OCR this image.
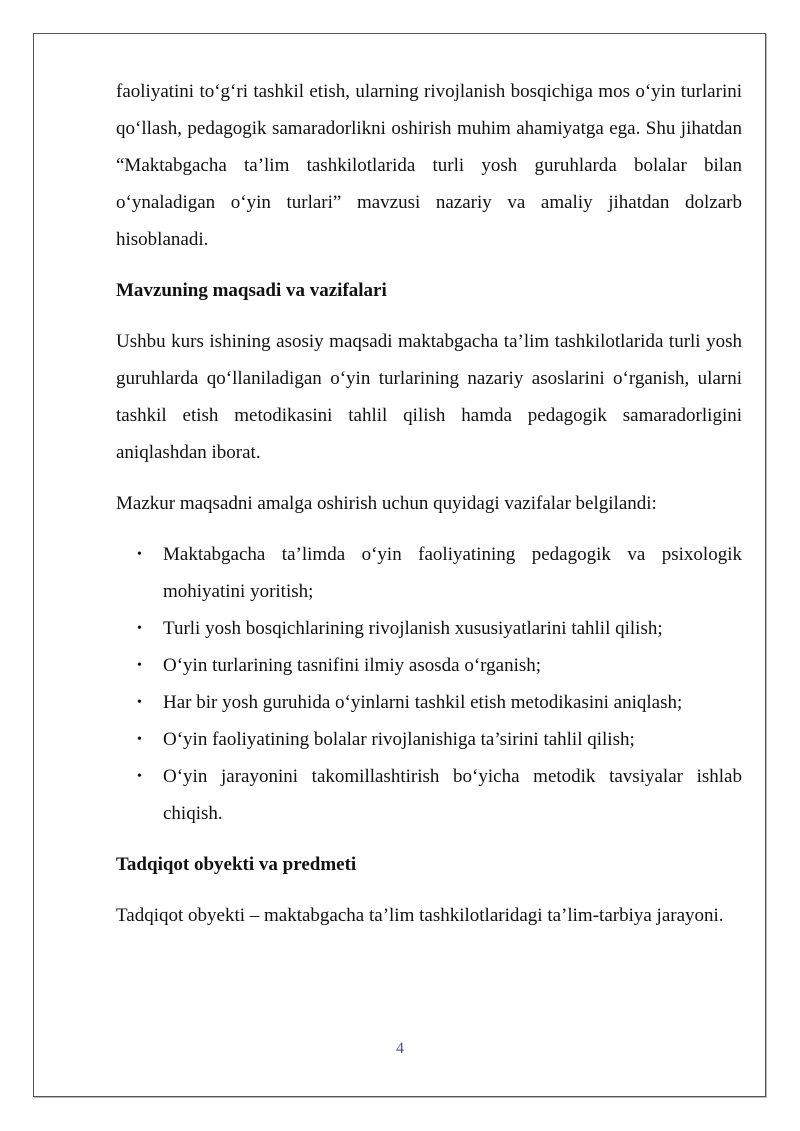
faoliyatini to‘g‘ri tashkil etish, ularning rivojlanish bosqichiga mos o‘yin turlarini qo‘llash, pedagogik samaradorlikni oshirish muhim ahamiyatga ega. Shu jihatdan “Maktabgacha ta’lim tashkilotlarida turli yosh guruhlarda bolalar bilan o‘ynaladigan o‘yin turlari” mavzusi nazariy va amaliy jihatdan dolzarb hisoblanadi.

Mavzuning maqsadi va vazifalari

Ushbu kurs ishining asosiy maqsadi maktabgacha ta’lim tashkilotlarida turli yosh guruhlarda qo‘llaniladigan o‘yin turlarining nazariy asoslarini o‘rganish, ularni tashkil etish metodikasini tahlil qilish hamda pedagogik samaradorligini aniqlashdan iborat.

Mazkur maqsadni amalga oshirish uchun quyidagi vazifalar belgilandi:

• Maktabgacha ta’limda o‘yin faoliyatining pedagogik va psixologik mohiyatini yoritish;
• Turli yosh bosqichlarining rivojlanish xususiyatlarini tahlil qilish;
• O‘yin turlarining tasnifini ilmiy asosda o‘rganish;
• Har bir yosh guruhida o‘yinlarni tashkil etish metodikasini aniqlash;
• O‘yin faoliyatining bolalar rivojlanishiga ta’sirini tahlil qilish;
• O‘yin jarayonini takomillashtirish bo‘yicha metodik tavsiyalar ishlab chiqish.

Tadqiqot obyekti va predmeti

Tadqiqot obyekti – maktabgacha ta’lim tashkilotlaridagi ta’lim-tarbiya jarayoni.

4
